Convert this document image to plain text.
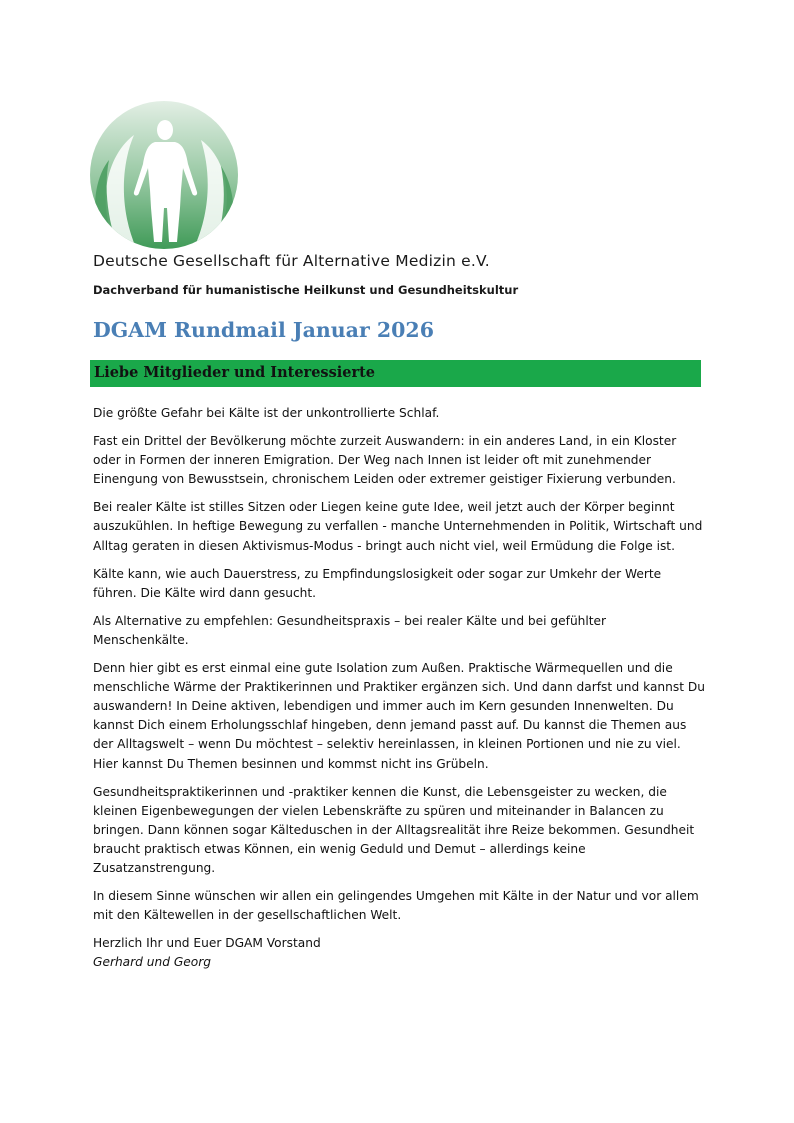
Deutsche Gesellschaft für Alternative Medizin e.V.
Dachverband für humanistische Heilkunst und Gesundheitskultur
DGAM Rundmail Januar 2026
Liebe Mitglieder und Interessierte

Die größte Gefahr bei Kälte ist der unkontrollierte Schlaf.

Fast ein Drittel der Bevölkerung möchte zurzeit Auswandern: in ein anderes Land, in ein Kloster oder in Formen der inneren Emigration. Der Weg nach Innen ist leider oft mit zunehmender Einengung von Bewusstsein, chronischem Leiden oder extremer geistiger Fixierung verbunden.

Bei realer Kälte ist stilles Sitzen oder Liegen keine gute Idee, weil jetzt auch der Körper beginnt auszukühlen. In heftige Bewegung zu verfallen - manche Unternehmenden in Politik, Wirtschaft und Alltag geraten in diesen Aktivismus-Modus - bringt auch nicht viel, weil Ermüdung die Folge ist.

Kälte kann, wie auch Dauerstress, zu Empfindungslosigkeit oder sogar zur Umkehr der Werte führen. Die Kälte wird dann gesucht.

Als Alternative zu empfehlen: Gesundheitspraxis – bei realer Kälte und bei gefühlter Menschenkälte.

Denn hier gibt es erst einmal eine gute Isolation zum Außen. Praktische Wärmequellen und die menschliche Wärme der Praktikerinnen und Praktiker ergänzen sich. Und dann darfst und kannst Du auswandern! In Deine aktiven, lebendigen und immer auch im Kern gesunden Innenwelten. Du kannst Dich einem Erholungsschlaf hingeben, denn jemand passt auf. Du kannst die Themen aus der Alltagswelt – wenn Du möchtest – selektiv hereinlassen, in kleinen Portionen und nie zu viel. Hier kannst Du Themen besinnen und kommst nicht ins Grübeln.

Gesundheitspraktikerinnen und -praktiker kennen die Kunst, die Lebensgeister zu wecken, die kleinen Eigenbewegungen der vielen Lebenskräfte zu spüren und miteinander in Balancen zu bringen. Dann können sogar Kälteduschen in der Alltagsrealität ihre Reize bekommen. Gesundheit braucht praktisch etwas Können, ein wenig Geduld und Demut – allerdings keine Zusatzanstrengung.

In diesem Sinne wünschen wir allen ein gelingendes Umgehen mit Kälte in der Natur und vor allem mit den Kältewellen in der gesellschaftlichen Welt.

Herzlich Ihr und Euer DGAM Vorstand

Gerhard und Georg
